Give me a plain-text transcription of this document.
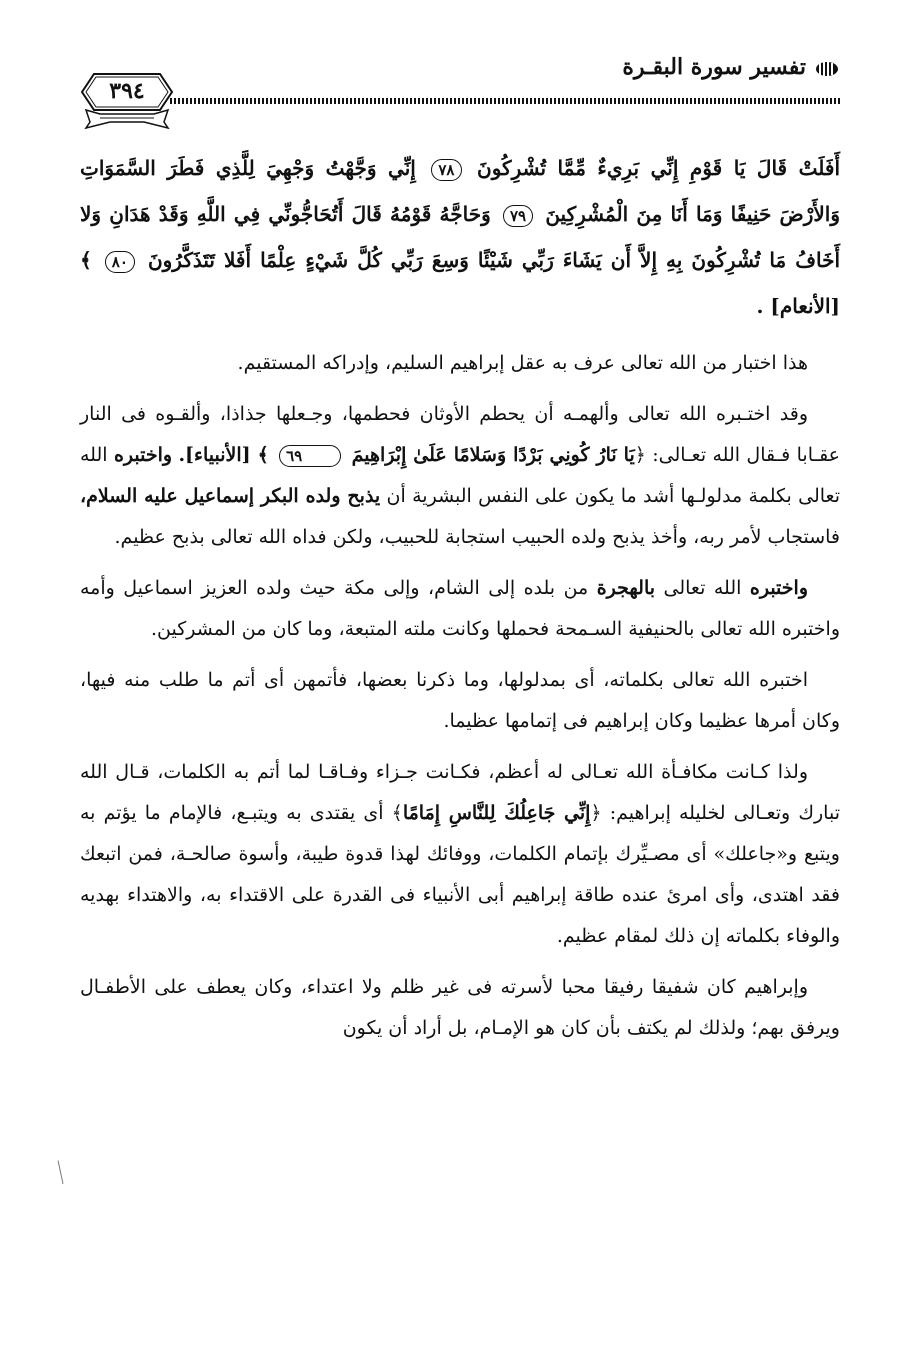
تفسير سورة البقـرة
٣٩٤
أَفَلَتْ قَالَ يَا قَوْمِ إِنِّي بَرِيءٌ مِّمَّا تُشْرِكُونَ ٧٨ إِنِّي وَجَّهْتُ وَجْهِيَ لِلَّذِي فَطَرَ السَّمَوَاتِ وَالأَرْضَ حَنِيفًا وَمَا أَنَا مِنَ الْمُشْرِكِينَ ٧٩ وَحَاجَّهُ قَوْمُهُ قَالَ أَتُحَاجُّونِّي فِي اللَّهِ وَقَدْ هَدَانِ وَلا أَخَافُ مَا تُشْرِكُونَ بِهِ إِلاَّ أَن يَشَاءَ رَبِّي شَيْئًا وَسِعَ رَبِّي كُلَّ شَيْءٍ عِلْمًا أَفَلا تَتَذَكَّرُونَ ٨٠ ﴾ [الأنعام] .

هذا اختبار من الله تعالى عرف به عقل إبراهيم السليم، وإدراكه المستقيم.

وقد اختـبره الله تعالى وألهمـه أن يحطم الأوثان فحطمها، وجـعلها جذاذا، وألقـوه فى النار عقـابا فـقال الله تعـالى: ﴿يَا نَارُ كُونِي بَرْدًا وَسَلامًا عَلَىٰ إِبْرَاهِيمَ ٦٩ ﴾ [الأنبياء]. واختبره الله تعالى بكلمة مدلولـها أشد ما يكون على النفس البشرية أن يذبح ولده البكر إسماعيل عليه السلام، فاستجاب لأمر ربه، وأخذ يذبح ولده الحبيب استجابة للحبيب، ولكن فداه الله تعالى بذبح عظيم.

واختبره الله تعالى بالهجرة من بلده إلى الشام، وإلى مكة حيث ولده العزيز اسماعيل وأمه واختبره الله تعالى بالحنيفية السـمحة فحملها وكانت ملته المتبعة، وما كان من المشركين.

اختبره الله تعالى بكلماته، أى بمدلولها، وما ذكرنا بعضها، فأتمهن أى أتم ما طلب منه فيها، وكان أمرها عظيما وكان إبراهيم فى إتمامها عظيما.

ولذا كـانت مكافـأة الله تعـالى له أعظم، فكـانت جـزاء وفـاقـا لما أتم به الكلمات، قـال الله تبارك وتعـالى لخليله إبراهيم: ﴿إِنِّي جَاعِلُكَ لِلنَّاسِ إِمَامًا﴾ أى يقتدى به ويتبـع، فالإمام ما يؤتم به ويتبع و«جاعلك» أى مصـيِّرك بإتمام الكلمات، ووفائك لهذا قدوة طيبة، وأسوة صالحـة، فمن اتبعك فقد اهتدى، وأى امرئ عنده طاقة إبراهيم أبى الأنبياء فى القدرة على الاقتداء به، والاهتداء بهديه والوفاء بكلماته إن ذلك لمقام عظيم.

وإبراهيم كان شفيقا رفيقا محبا لأسرته فى غير ظلم ولا اعتداء، وكان يعطف على الأطفـال ويرفق بهم؛ ولذلك لم يكتف بأن كان هو الإمـام، بل أراد أن يكون
